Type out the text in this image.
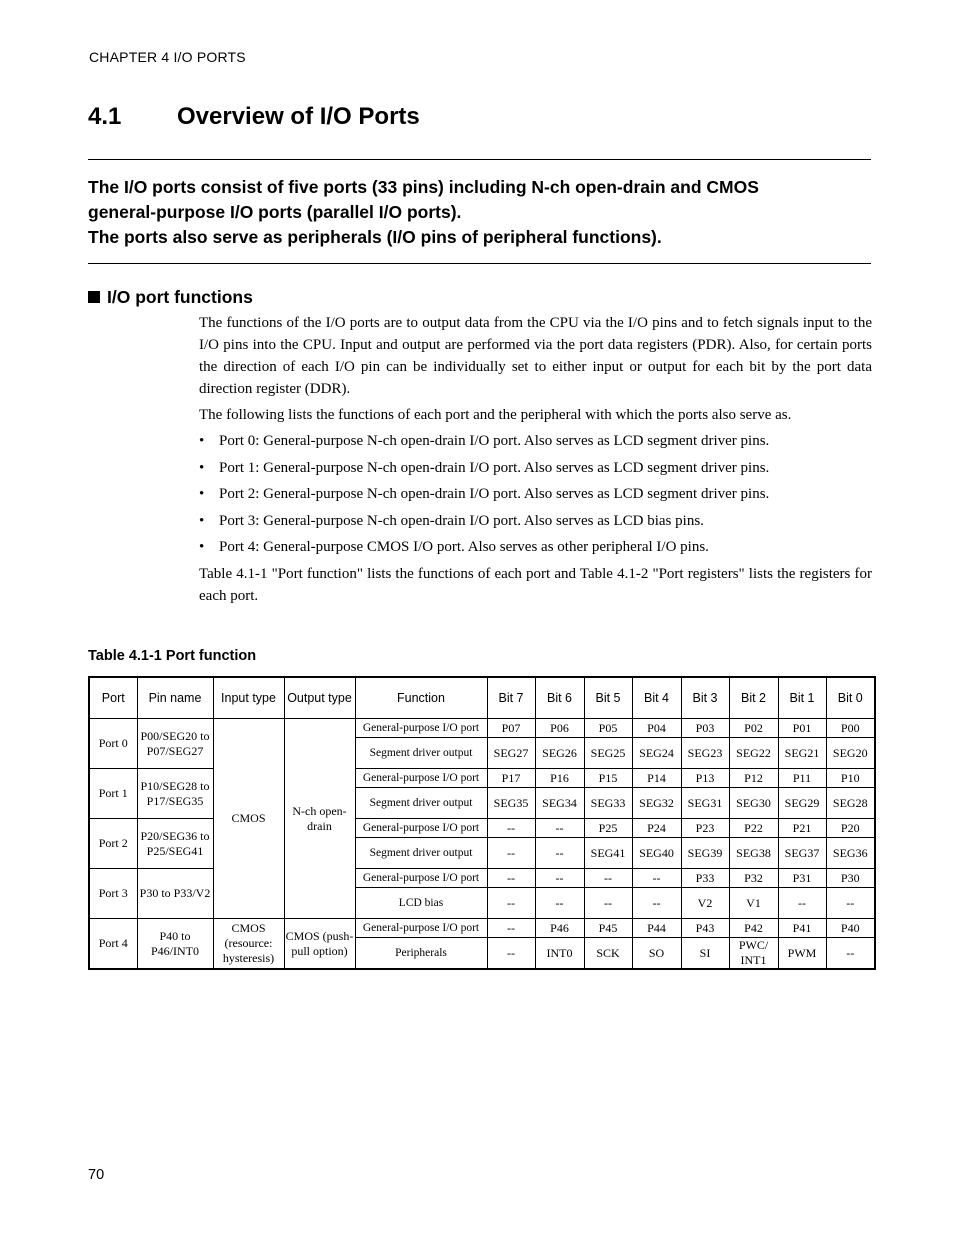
CHAPTER 4 I/O PORTS
4.1 Overview of I/O Ports
The I/O ports consist of five ports (33 pins) including N-ch open-drain and CMOS
general-purpose I/O ports (parallel I/O ports).
The ports also serve as peripherals (I/O pins of peripheral functions).
I/O port functions

The functions of the I/O ports are to output data from the CPU via the I/O pins and to fetch signals input to the I/O pins into the CPU. Input and output are performed via the port data registers (PDR). Also, for certain ports the direction of each I/O pin can be individually set to either input or output for each bit by the port data direction register (DDR).

The following lists the functions of each port and the peripheral with which the ports also serve as.

• Port 0: General-purpose N-ch open-drain I/O port. Also serves as LCD segment driver pins.
• Port 1: General-purpose N-ch open-drain I/O port. Also serves as LCD segment driver pins.
• Port 2: General-purpose N-ch open-drain I/O port. Also serves as LCD segment driver pins.
• Port 3: General-purpose N-ch open-drain I/O port. Also serves as LCD bias pins.
• Port 4: General-purpose CMOS I/O port. Also serves as other peripheral I/O pins.

Table 4.1-1 "Port function" lists the functions of each port and Table 4.1-2 "Port registers" lists the registers for each port.

Table 4.1-1 Port function
Port	Pin name	Input type	Output type	Function	Bit 7	Bit 6	Bit 5	Bit 4	Bit 3	Bit 2	Bit 1	Bit 0
Port 0	P00/SEG20 to P07/SEG27	CMOS	N-ch open-drain	General-purpose I/O port	P07	P06	P05	P04	P03	P02	P01	P00
				Segment driver output	SEG27	SEG26	SEG25	SEG24	SEG23	SEG22	SEG21	SEG20
Port 1	P10/SEG28 to P17/SEG35			General-purpose I/O port	P17	P16	P15	P14	P13	P12	P11	P10
				Segment driver output	SEG35	SEG34	SEG33	SEG32	SEG31	SEG30	SEG29	SEG28
Port 2	P20/SEG36 to P25/SEG41			General-purpose I/O port	--	--	P25	P24	P23	P22	P21	P20
				Segment driver output	--	--	SEG41	SEG40	SEG39	SEG38	SEG37	SEG36
Port 3	P30 to P33/V2			General-purpose I/O port	--	--	--	--	P33	P32	P31	P30
				LCD bias	--	--	--	--	V2	V1	--	--
Port 4	P40 to P46/INT0	CMOS (resource: hysteresis)	CMOS (push-pull option)	General-purpose I/O port	--	P46	P45	P44	P43	P42	P41	P40
				Peripherals	--	INT0	SCK	SO	SI	PWC/ INT1	PWM	--
70
